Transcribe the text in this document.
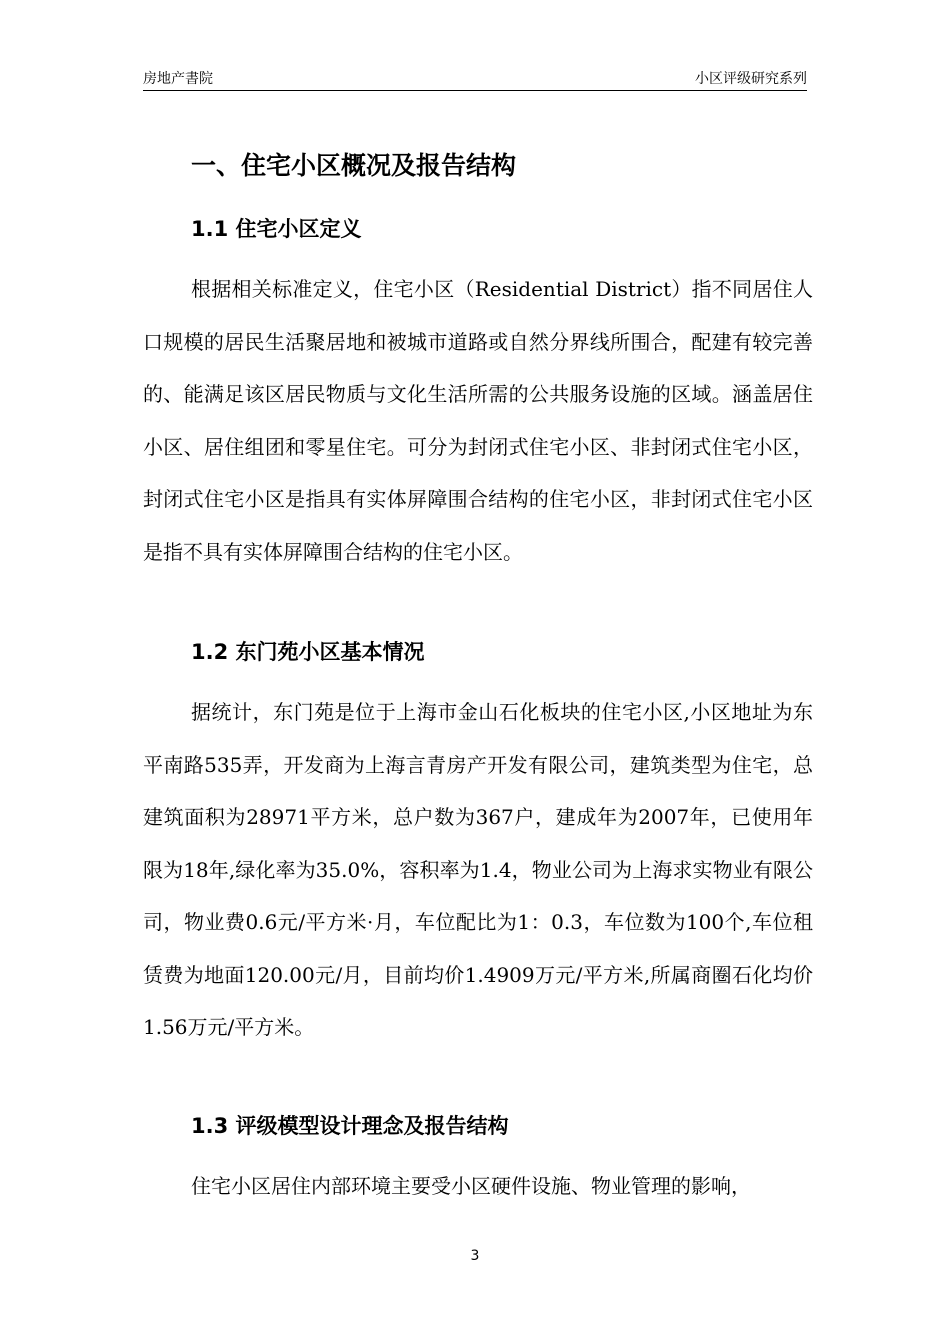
房地产書院	小区评级研究系列
一、住宅小区概况及报告结构
1.1 住宅小区定义

根据相关标准定义，住宅小区（Residential District）指不同居住人口规模的居民生活聚居地和被城市道路或自然分界线所围合，配建有较完善的、能满足该区居民物质与文化生活所需的公共服务设施的区域。涵盖居住小区、居住组团和零星住宅。可分为封闭式住宅小区、非封闭式住宅小区，封闭式住宅小区是指具有实体屏障围合结构的住宅小区，非封闭式住宅小区是指不具有实体屏障围合结构的住宅小区。

1.2 东门苑小区基本情况

据统计，东门苑是位于上海市金山石化板块的住宅小区,小区地址为东平南路535弄，开发商为上海言青房产开发有限公司，建筑类型为住宅，总建筑面积为28971平方米，总户数为367户，建成年为2007年，已使用年限为18年,绿化率为35.0%，容积率为1.4，物业公司为上海求实物业有限公司，物业费0.6元/平方米·月，车位配比为1：0.3，车位数为100个,车位租赁费为地面120.00元/月，目前均价1.4909万元/平方米,所属商圈石化均价1.56万元/平方米。

1.3 评级模型设计理念及报告结构

住宅小区居住内部环境主要受小区硬件设施、物业管理的影响，

3
